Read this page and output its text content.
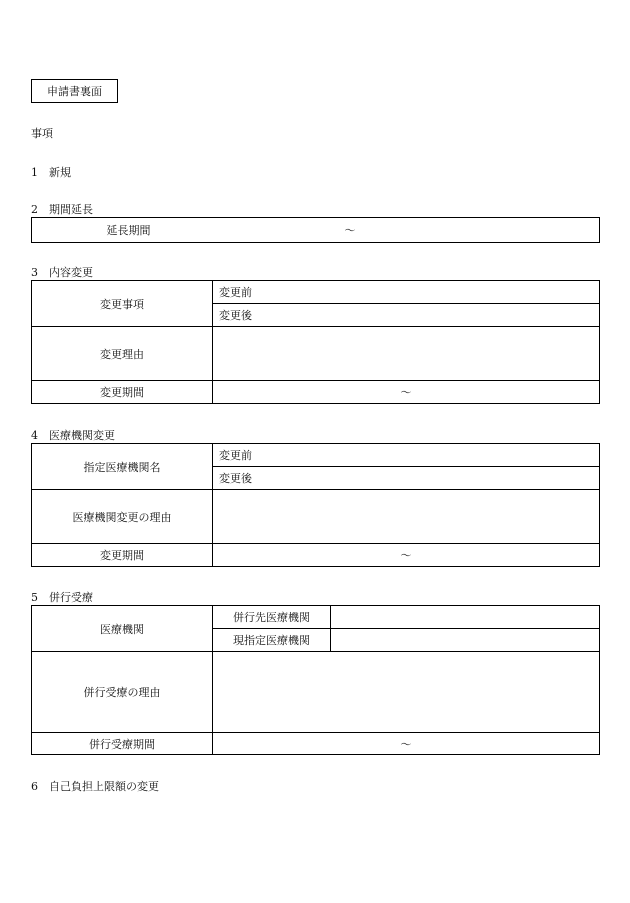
申請書裏面
事項
1　新規
2　期間延長
延長期間	～
3　内容変更
変更事項	変更前
	変更後
変更理由	
変更期間	～
4　医療機関変更
指定医療機関名	変更前
	変更後
医療機関変更の理由	
変更期間	～
5　併行受療
医療機関	併行先医療機関	
	現指定医療機関	
併行受療の理由		
併行受療期間	～	
6　自己負担上限額の変更
